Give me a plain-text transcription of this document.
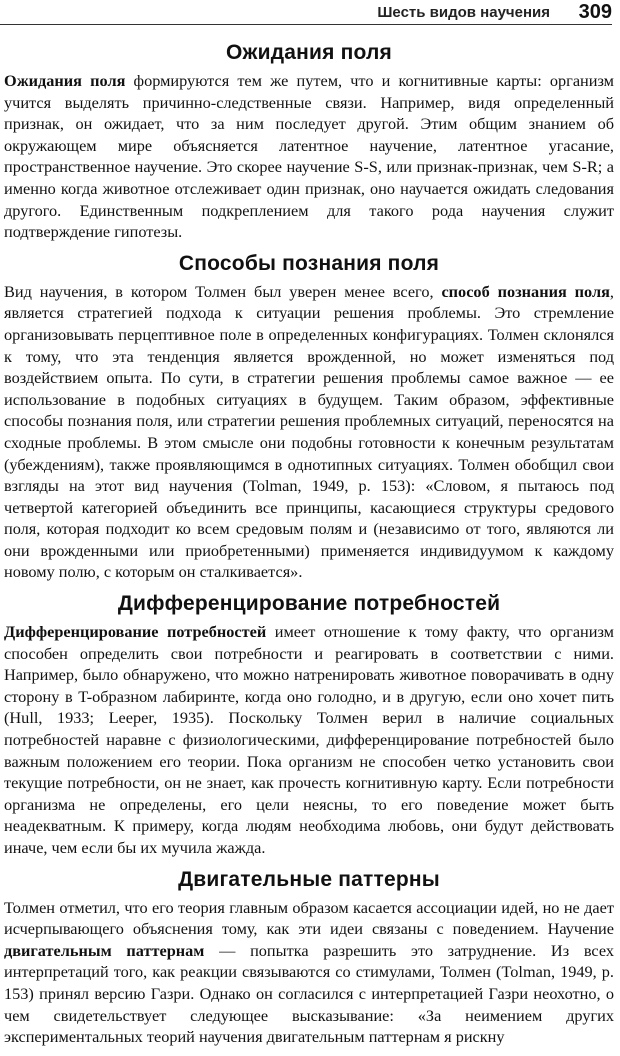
Шесть видов научения 309
Ожидания поля

Ожидания поля формируются тем же путем, что и когнитивные карты: организм учится выделять причинно-следственные связи. Например, видя определенный признак, он ожидает, что за ним последует другой. Этим общим знанием об окружающем мире объясняется латентное научение, латентное угасание, пространственное научение. Это скорее научение S-S, или признак-признак, чем S-R; а именно когда животное отслеживает один признак, оно научается ожидать следования другого. Единственным подкреплением для такого рода научения служит подтверждение гипотезы.

Способы познания поля

Вид научения, в котором Толмен был уверен менее всего, способ познания поля, является стратегией подхода к ситуации решения проблемы. Это стремление организовывать перцептивное поле в определенных конфигурациях. Толмен склонялся к тому, что эта тенденция является врожденной, но может изменяться под воздействием опыта. По сути, в стратегии решения проблемы самое важное — ее использование в подобных ситуациях в будущем. Таким образом, эффективные способы познания поля, или стратегии решения проблемных ситуаций, переносятся на сходные проблемы. В этом смысле они подобны готовности к конечным результатам (убеждениям), также проявляющимся в однотипных ситуациях. Толмен обобщил свои взгляды на этот вид научения (Tolman, 1949, p. 153): «Словом, я пытаюсь под четвертой категорией объединить все принципы, касающиеся структуры средового поля, которая подходит ко всем средовым полям и (независимо от того, являются ли они врожденными или приобретенными) применяется индивидуумом к каждому новому полю, с которым он сталкивается».

Дифференцирование потребностей

Дифференцирование потребностей имеет отношение к тому факту, что организм способен определить свои потребности и реагировать в соответствии с ними. Например, было обнаружено, что можно натренировать животное поворачивать в одну сторону в T-образном лабиринте, когда оно голодно, и в другую, если оно хочет пить (Hull, 1933; Leeper, 1935). Поскольку Толмен верил в наличие социальных потребностей наравне с физиологическими, дифференцирование потребностей было важным положением его теории. Пока организм не способен четко установить свои текущие потребности, он не знает, как прочесть когнитивную карту. Если потребности организма не определены, его цели неясны, то его поведение может быть неадекватным. К примеру, когда людям необходима любовь, они будут действовать иначе, чем если бы их мучила жажда.

Двигательные паттерны

Толмен отметил, что его теория главным образом касается ассоциации идей, но не дает исчерпывающего объяснения тому, как эти идеи связаны с поведением. Научение двигательным паттернам — попытка разрешить это затруднение. Из всех интерпретаций того, как реакции связываются со стимулами, Толмен (Tolman, 1949, p. 153) принял версию Газри. Однако он согласился с интерпретацией Газри неохотно, о чем свидетельствует следующее высказывание: «За неимением других экспериментальных теорий научения двигательным паттернам я рискну
